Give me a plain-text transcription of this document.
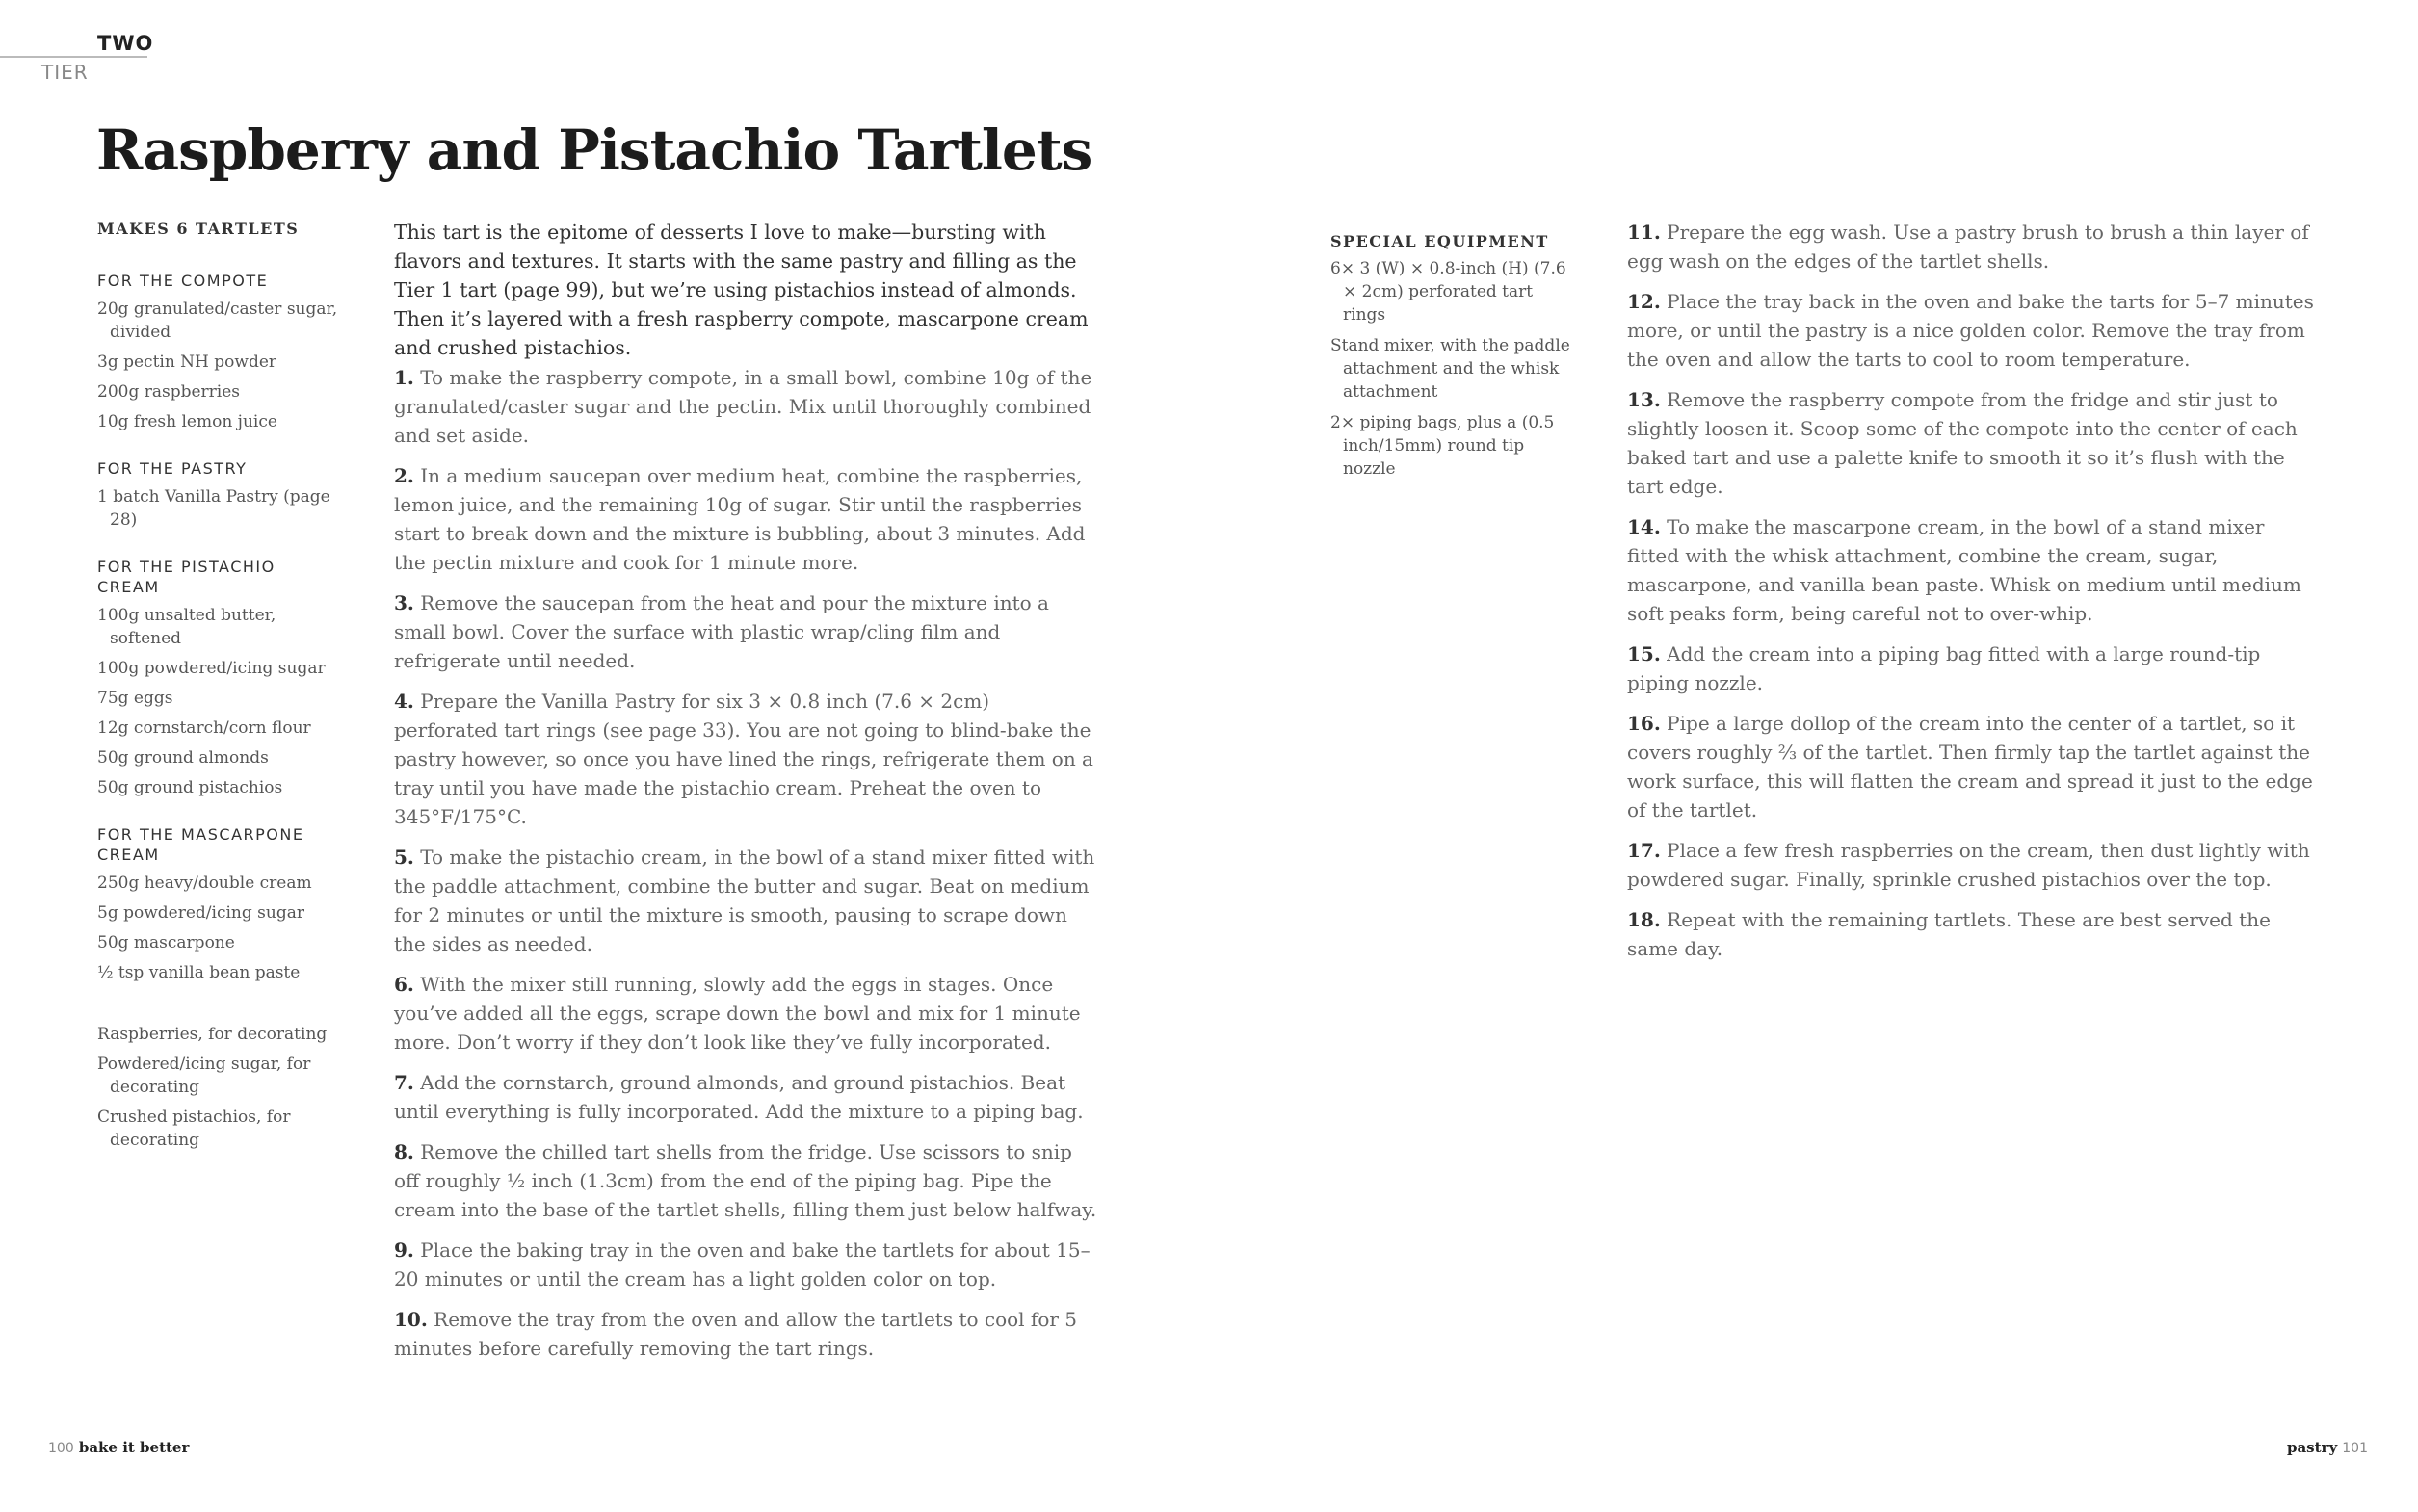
TWO
TIER
Raspberry and Pistachio Tartlets
MAKES 6 TARTLETS
FOR THE COMPOTE
20g granulated/caster sugar, divided
3g pectin NH powder
200g raspberries
10g fresh lemon juice
FOR THE PASTRY
1 batch Vanilla Pastry (page 28)
FOR THE PISTACHIO CREAM
100g unsalted butter, softened
100g powdered/icing sugar
75g eggs
12g cornstarch/corn flour
50g ground almonds
50g ground pistachios
FOR THE MASCARPONE CREAM
250g heavy/double cream
5g powdered/icing sugar
50g mascarpone
½ tsp vanilla bean paste
Raspberries, for decorating
Powdered/icing sugar, for decorating
Crushed pistachios, for decorating

This tart is the epitome of desserts I love to make—bursting with flavors and textures. It starts with the same pastry and filling as the Tier 1 tart (page 99), but we’re using pistachios instead of almonds. Then it’s layered with a fresh raspberry compote, mascarpone cream and crushed pistachios.

1. To make the raspberry compote, in a small bowl, combine 10g of the granulated/caster sugar and the pectin. Mix until thoroughly combined and set aside.

2. In a medium saucepan over medium heat, combine the raspberries, lemon juice, and the remaining 10g of sugar. Stir until the raspberries start to break down and the mixture is bubbling, about 3 minutes. Add the pectin mixture and cook for 1 minute more.

3. Remove the saucepan from the heat and pour the mixture into a small bowl. Cover the surface with plastic wrap/cling film and refrigerate until needed.

4. Prepare the Vanilla Pastry for six 3 × 0.8 inch (7.6 × 2cm) perforated tart rings (see page 33). You are not going to blind-bake the pastry however, so once you have lined the rings, refrigerate them on a tray until you have made the pistachio cream. Preheat the oven to 345°F/175°C.

5. To make the pistachio cream, in the bowl of a stand mixer fitted with the paddle attachment, combine the butter and sugar. Beat on medium for 2 minutes or until the mixture is smooth, pausing to scrape down the sides as needed.

6. With the mixer still running, slowly add the eggs in stages. Once you’ve added all the eggs, scrape down the bowl and mix for 1 minute more. Don’t worry if they don’t look like they’ve fully incorporated.

7. Add the cornstarch, ground almonds, and ground pistachios. Beat until everything is fully incorporated. Add the mixture to a piping bag.

8. Remove the chilled tart shells from the fridge. Use scissors to snip off roughly ½ inch (1.3cm) from the end of the piping bag. Pipe the cream into the base of the tartlet shells, filling them just below halfway.

9. Place the baking tray in the oven and bake the tartlets for about 15–20 minutes or until the cream has a light golden color on top.

10. Remove the tray from the oven and allow the tartlets to cool for 5 minutes before carefully removing the tart rings.

SPECIAL EQUIPMENT
6× 3 (W) × 0.8-inch (H) (7.6 × 2cm) perforated tart rings
Stand mixer, with the paddle attachment and the whisk attachment
2× piping bags, plus a (0.5 inch/15mm) round tip nozzle

11. Prepare the egg wash. Use a pastry brush to brush a thin layer of egg wash on the edges of the tartlet shells.

12. Place the tray back in the oven and bake the tarts for 5–7 minutes more, or until the pastry is a nice golden color. Remove the tray from the oven and allow the tarts to cool to room temperature.

13. Remove the raspberry compote from the fridge and stir just to slightly loosen it. Scoop some of the compote into the center of each baked tart and use a palette knife to smooth it so it’s flush with the tart edge.

14. To make the mascarpone cream, in the bowl of a stand mixer fitted with the whisk attachment, combine the cream, sugar, mascarpone, and vanilla bean paste. Whisk on medium until medium soft peaks form, being careful not to over-whip.

15. Add the cream into a piping bag fitted with a large round-tip piping nozzle.

16. Pipe a large dollop of the cream into the center of a tartlet, so it covers roughly ⅔ of the tartlet. Then firmly tap the tartlet against the work surface, this will flatten the cream and spread it just to the edge of the tartlet.

17. Place a few fresh raspberries on the cream, then dust lightly with powdered sugar. Finally, sprinkle crushed pistachios over the top.

18. Repeat with the remaining tartlets. These are best served the same day.

100 bake it better	pastry 101
